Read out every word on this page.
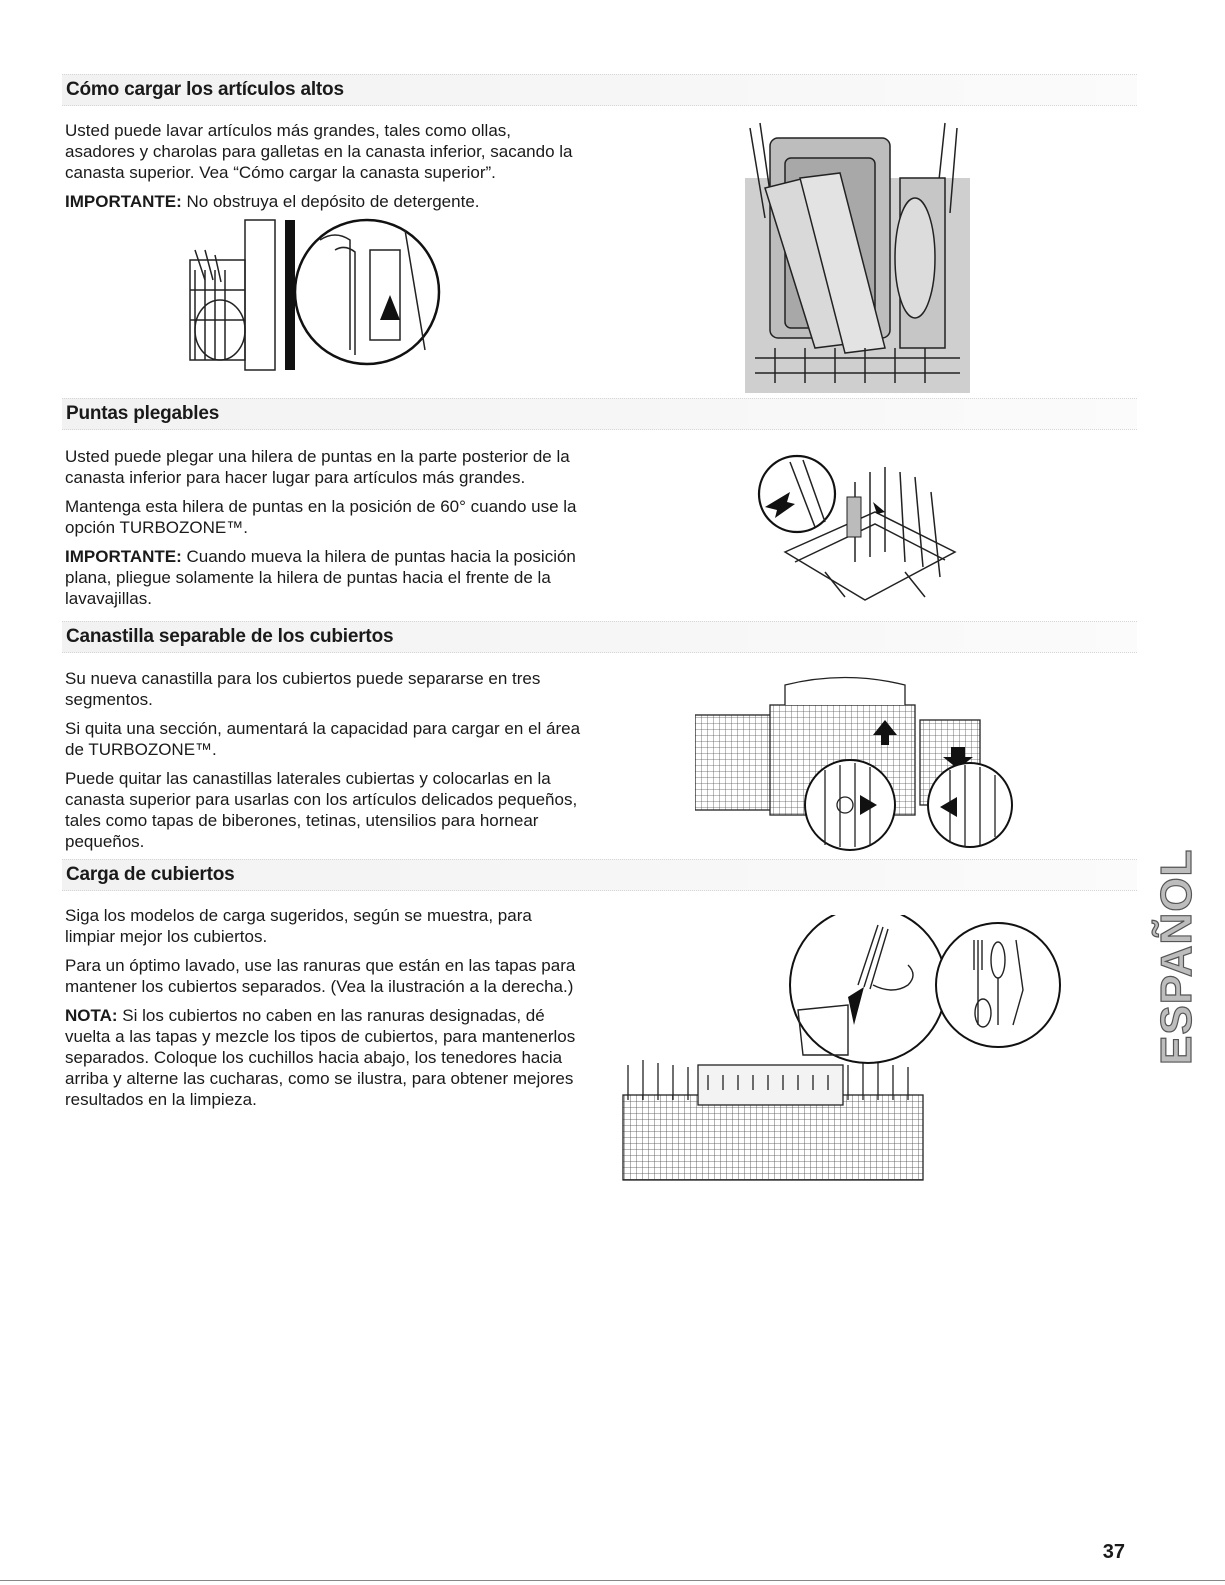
Cómo cargar los artículos altos

Usted puede lavar artículos más grandes, tales como ollas, asadores y charolas para galletas en la canasta inferior, sacando la canasta superior. Vea “Cómo cargar la canasta superior”.

IMPORTANTE: No obstruya el depósito de detergente.

Puntas plegables

Usted puede plegar una hilera de puntas en la parte posterior de la canasta inferior para hacer lugar para artículos más grandes.

Mantenga esta hilera de puntas en la posición de 60° cuando use la opción TURBOZONE™.

IMPORTANTE: Cuando mueva la hilera de puntas hacia la posición plana, pliegue solamente la hilera de puntas hacia el frente de la lavavajillas.

Canastilla separable de los cubiertos

Su nueva canastilla para los cubiertos puede separarse en tres segmentos.

Si quita una sección, aumentará la capacidad para cargar en el área de TURBOZONE™.

Puede quitar las canastillas laterales cubiertas y colocarlas en la canasta superior para usarlas con los artículos delicados pequeños, tales como tapas de biberones, tetinas, utensilios para hornear pequeños.

Carga de cubiertos

Siga los modelos de carga sugeridos, según se muestra, para limpiar mejor los cubiertos.

Para un óptimo lavado, use las ranuras que están en las tapas para mantener los cubiertos separados. (Vea la ilustración a la derecha.)

NOTA: Si los cubiertos no caben en las ranuras designadas, dé vuelta a las tapas y mezcle los tipos de cubiertos, para mantenerlos separados. Coloque los cuchillos hacia abajo, los tenedores hacia arriba y alterne las cucharas, como se ilustra, para obtener mejores resultados en la limpieza.

ESPAÑOL
37
